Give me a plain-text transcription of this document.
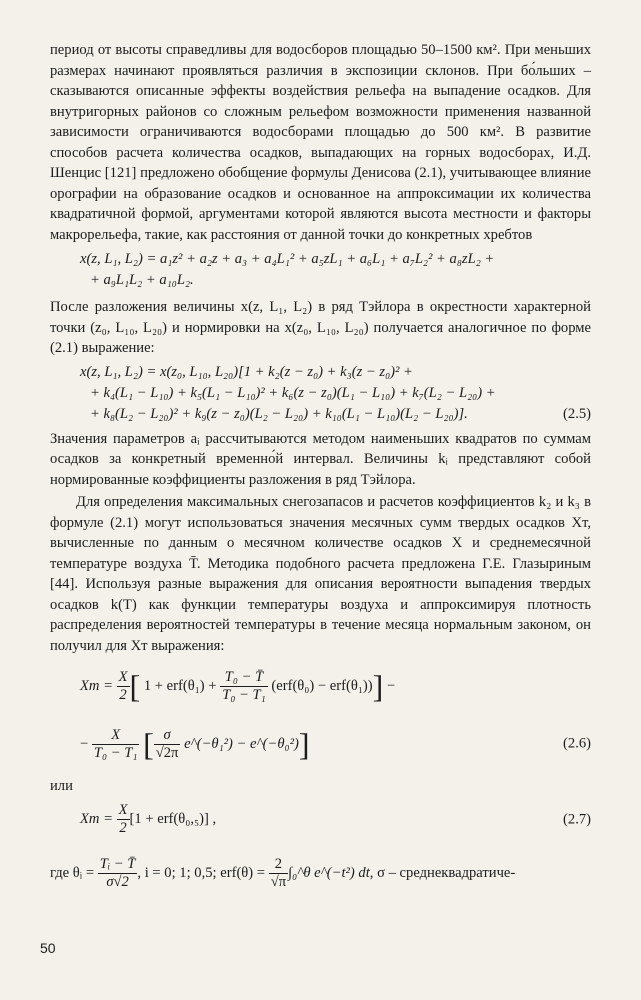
период от высоты справедливы для водосборов площадью 50–1500 км². При меньших размерах начинают проявляться различия в экспозиции склонов. При бо́льших – сказываются описанные эффекты воздействия рельефа на выпадение осадков. Для внутригорных районов со сложным рельефом возможности применения названной зависимости ограничиваются водосборами площадью до 500 км². В развитие способов расчета количества осадков, выпадающих на горных водосборах, И.Д. Шенцис [121] предложено обобщение формулы Денисова (2.1), учитывающее влияние орографии на образование осадков и основанное на аппроксимации их количества квадратичной формой, аргументами которой являются высота местности и факторы макрорельефа, такие, как расстояния от данной точки до конкретных хребтов

x(z, L₁, L₂) = a₁z² + a₂z + a₃ + a₄L₁² + a₅zL₁ + a₆L₁ + a₇L₂² + a₈zL₂ +
+ a₉L₁L₂ + a₁₀L₂.

После разложения величины x(z, L₁, L₂) в ряд Тэйлора в окрестности характерной точки (z₀, L₁₀, L₂₀) и нормировки на x(z₀, L₁₀, L₂₀) получается аналогичное по форме (2.1) выражение:

x(z, L₁, L₂) = x(z₀, L₁₀, L₂₀)[1 + k₂(z − z₀) + k₃(z − z₀)² +
+ k₄(L₁ − L₁₀) + k₅(L₁ − L₁₀)² + k₆(z − z₀)(L₁ − L₁₀) + k₇(L₂ − L₂₀) +
+ k₈(L₂ − L₂₀)² + k₉(z − z₀)(L₂ − L₂₀) + k₁₀(L₁ − L₁₀)(L₂ − L₂₀)].	(2.5)

Значения параметров aᵢ рассчитываются методом наименьших квадратов по суммам осадков за конкретный временно́й интервал. Величины kᵢ представляют собой нормированные коэффициенты разложения в ряд Тэйлора.

Для определения максимальных снегозапасов и расчетов коэффициентов k₂ и k₃ в формуле (2.1) могут использоваться значения месячных сумм твердых осадков Xт, вычисленные по данным о месячном количестве осадков X и среднемесячной температуре воздуха T̄. Методика подобного расчета предложена Г.Е. Глазыриным [44]. Используя разные выражения для описания вероятности выпадения твердых осадков k(T) как функции температуры воздуха и аппроксимируя плотность распределения вероятностей температуры в течение месяца нормальным законом, он получил для Xт выражения:

Xт =
$\frac{X}{2}$ [
1 + erf(θ₁) +
$\frac{\text{T₀ − T̄}}{\text{T₀ − T₁}}$
(erf(θ₀) − erf(θ₁)) ]
−
−
$\frac{X}{\text{T₀ − T₁}}$
[ $\frac{\sigma}{√2\pi}$
e^(−θ₁²) − e^(−θ₀²) ]	(2.6)

или

Xт =
$\frac{X}{2} [1 + erf(\theta_0,_5)]$ ,	(2.7)
где θᵢ =
$\frac{\text{Tᵢ − T̄}}{\sigma√2}$ , i = 0; 1; 0,5; erf(θ) =
$\frac{2}{√\pi}$ ∫₀^θ e^(−t²) dt,
σ – среднеквадратиче-
50
